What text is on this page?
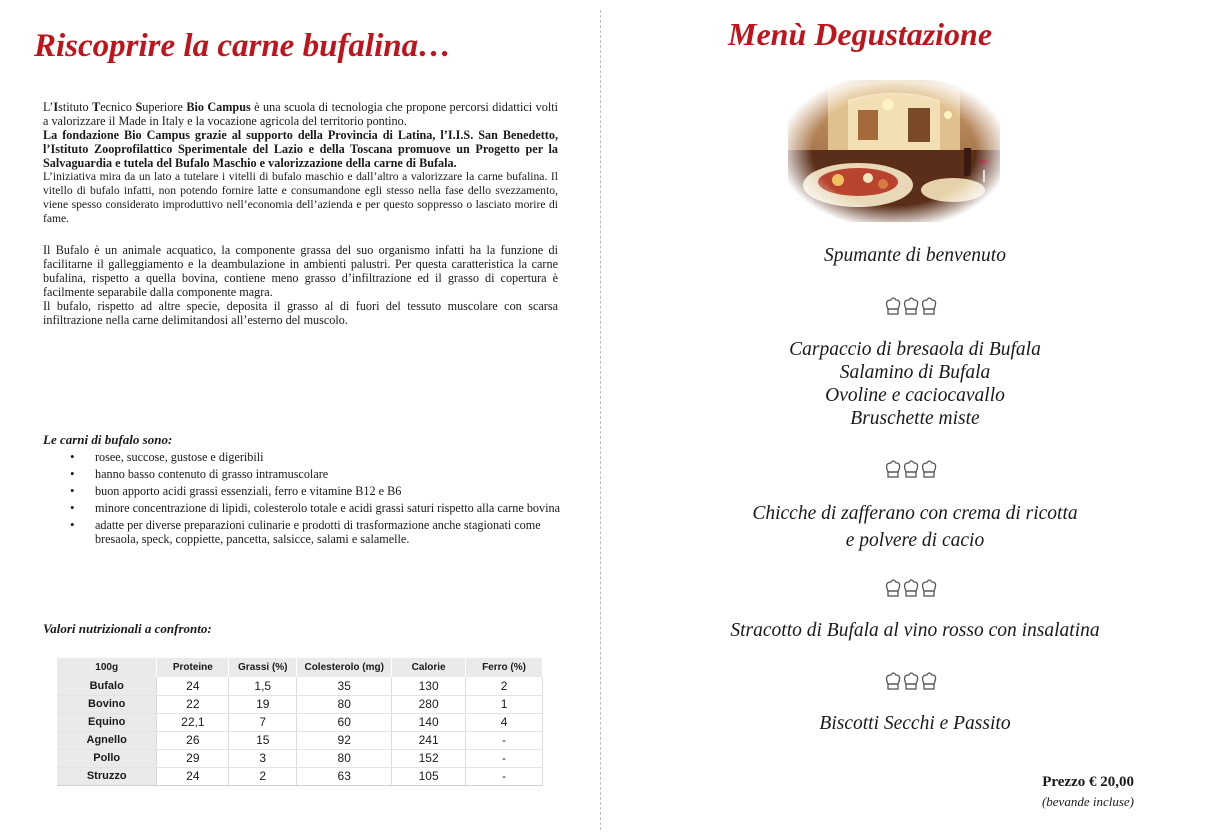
Riscoprire la carne bufalina…

L’Istituto Tecnico Superiore Bio Campus è una scuola di tecnologia che propone percorsi didattici volti a valorizzare il Made in Italy e la vocazione agricola del territorio pontino.

La fondazione Bio Campus grazie al supporto della Provincia di Latina, l’I.I.S. San Benedetto, l’Istituto Zooprofilattico Sperimentale del Lazio e della Toscana promuove un Progetto per la Salvaguardia e tutela del Bufalo Maschio e valorizzazione della carne di Bufala.

L’iniziativa mira da un lato a tutelare i vitelli di bufalo maschio e dall’altro a valorizzare la carne bufalina. Il vitello di bufalo infatti, non potendo fornire latte e consumandone egli stesso nella fase dello svezzamento, viene spesso considerato improduttivo nell’economia dell’azienda e per questo soppresso o lasciato morire di fame.

Il Bufalo è un animale acquatico, la componente grassa del suo organismo infatti ha la funzione di facilitarne il galleggiamento e la deambulazione in ambienti palustri. Per questa caratteristica la carne bufalina, rispetto a quella bovina, contiene meno grasso d’infiltrazione ed il grasso di copertura è facilmente separabile dalla componente magra.

Il bufalo, rispetto ad altre specie, deposita il grasso al di fuori del tessuto muscolare con scarsa infiltrazione nella carne delimitandosi all’esterno del muscolo.

Le carni di bufalo sono:
• rosee, succose, gustose e digeribili
• hanno basso contenuto di grasso intramuscolare
• buon apporto acidi grassi essenziali, ferro e vitamine B12 e B6
• minore concentrazione di lipidi, colesterolo totale e acidi grassi saturi rispetto alla carne bovina
• adatte per diverse preparazioni culinarie e prodotti di trasformazione anche stagionati come bresaola, speck, coppiette, pancetta, salsicce, salami e salamelle.
Valori nutrizionali a confronto:
100g	Proteine	Grassi (%)	Colesterolo (mg)	Calorie	Ferro (%)
Bufalo	24	1,5	35	130	2
Bovino	22	19	80	280	1
Equino	22,1	7	60	140	4
Agnello	26	15	92	241	-
Pollo	29	3	80	152	-
Struzzo	24	2	63	105	-
Menù Degustazione
Spumante di benvenuto
Carpaccio di bresaola di Bufala
Salamino di Bufala
Ovoline e caciocavallo
Bruschette miste
Chicche di zafferano con crema di ricotta
e polvere di cacio
Stracotto di Bufala al vino rosso con insalatina
Biscotti Secchi e Passito
Prezzo € 20,00
(bevande incluse)
